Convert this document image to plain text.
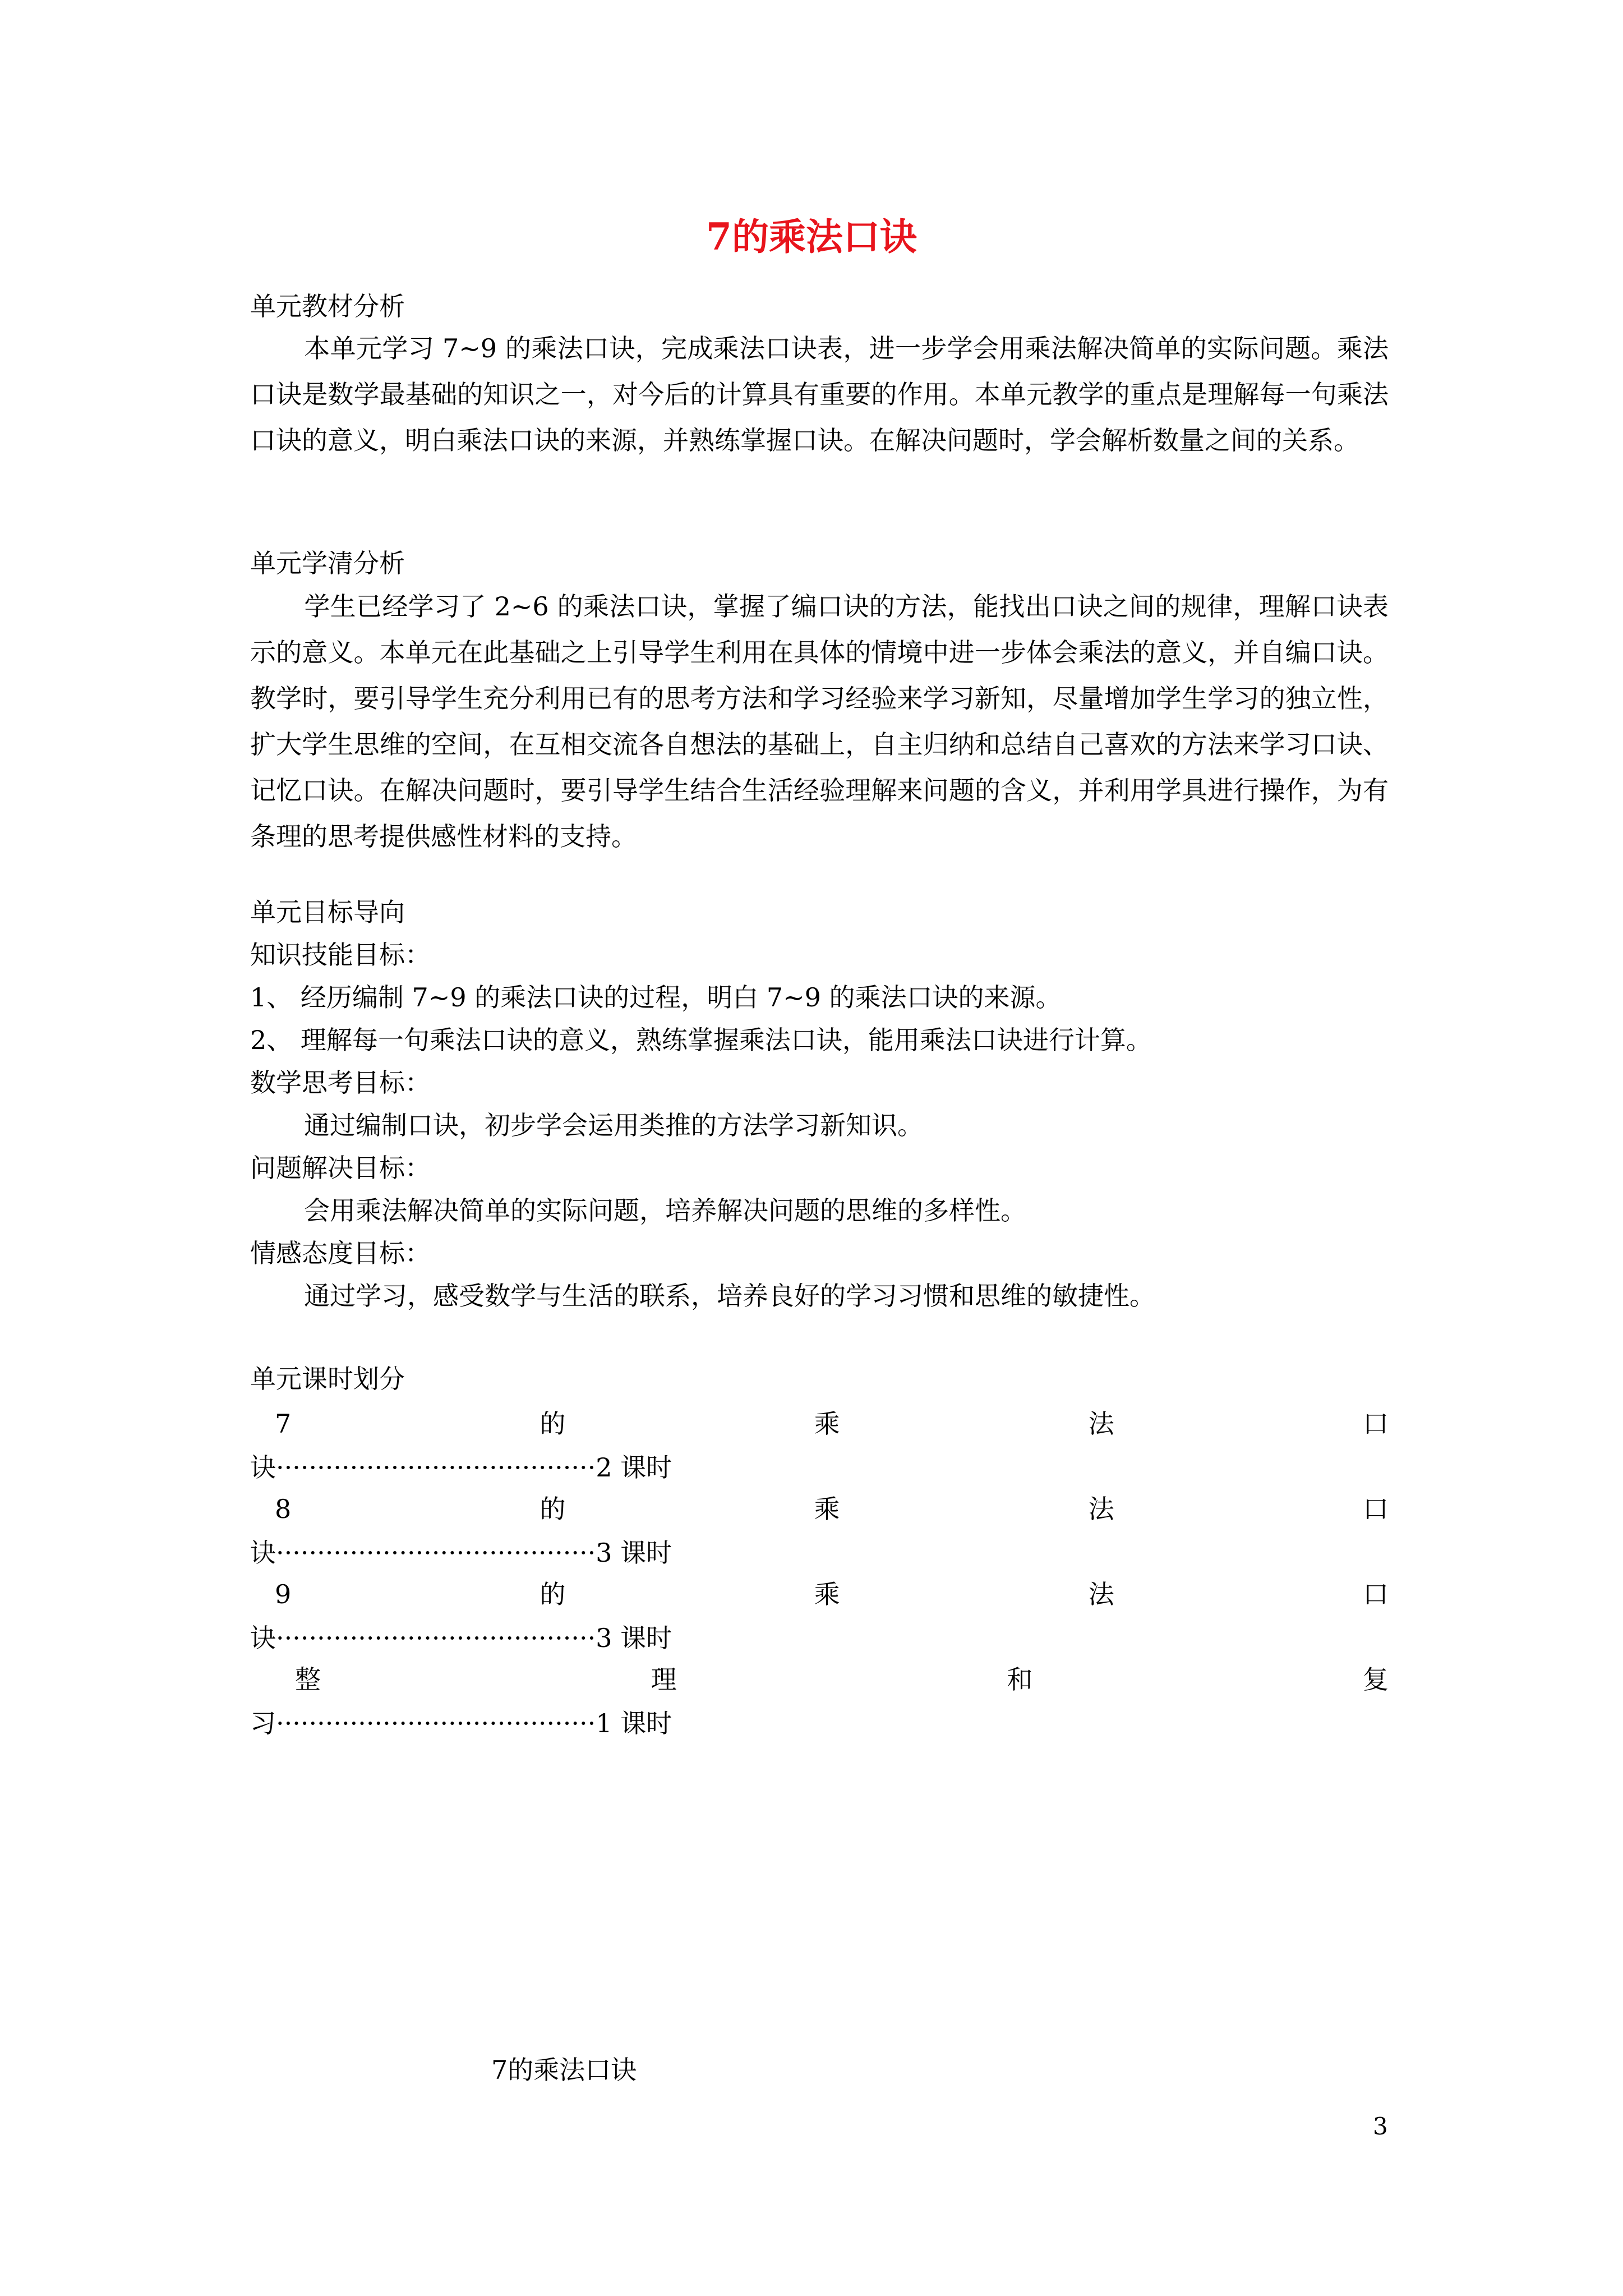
7的乘法口诀
单元教材分析
本单元学习 7~9 的乘法口诀，完成乘法口诀表，进一步学会用乘法解决简单的实际问题。乘法口诀是数学最基础的知识之一，对今后的计算具有重要的作用。本单元教学的重点是理解每一句乘法口诀的意义，明白乘法口诀的来源，并熟练掌握口诀。在解决问题时，学会解析数量之间的关系。
单元学清分析
学生已经学习了 2~6 的乘法口诀，掌握了编口诀的方法，能找出口诀之间的规律，理解口诀表示的意义。本单元在此基础之上引导学生利用在具体的情境中进一步体会乘法的意义，并自编口诀。教学时，要引导学生充分利用已有的思考方法和学习经验来学习新知，尽量增加学生学习的独立性，扩大学生思维的空间，在互相交流各自想法的基础上，自主归纳和总结自己喜欢的方法来学习口诀、记忆口诀。在解决问题时，要引导学生结合生活经验理解来问题的含义，并利用学具进行操作，为有条理的思考提供感性材料的支持。
单元目标导向
知识技能目标：
1、 经历编制 7~9 的乘法口诀的过程，明白 7~9 的乘法口诀的来源。
2、 理解每一句乘法口诀的意义，熟练掌握乘法口诀，能用乘法口诀进行计算。
数学思考目标：
通过编制口诀，初步学会运用类推的方法学习新知识。
问题解决目标：
会用乘法解决简单的实际问题，培养解决问题的思维的多样性。
情感态度目标：
通过学习，感受数学与生活的联系，培养良好的学习习惯和思维的敏捷性。
单元课时划分
7	的	乘	法	口
诀·······································2 课时
8	的	乘	法	口
诀·······································3 课时
9	的	乘	法	口
诀·······································3 课时
整	理	和	复
习·······································1 课时
7的乘法口诀
3
